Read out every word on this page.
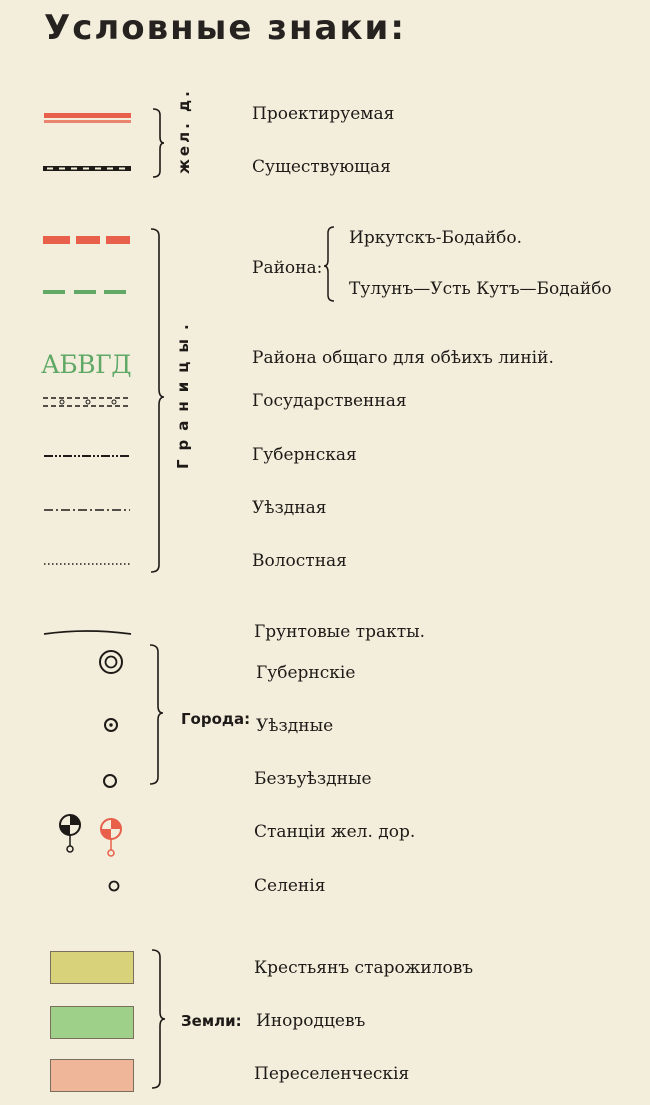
Условные знаки:
жел. д.	Проектируемая
Существующая
Границы.
Района:
Иркутскъ-Бодайбо.
Тулунъ—Усть Кутъ—Бодайбо
АБВГД	Района общаго для обѣихъ линій.
Государственная
Губернская
Уѣздная
Волостная
Грунтовые тракты.
Города:
Губернскіе
Уѣздные
Безъуѣздные
Станціи жел. дор.
Селенія
Земли:
Крестьянъ старожиловъ
Инородцевъ
Переселенческія
